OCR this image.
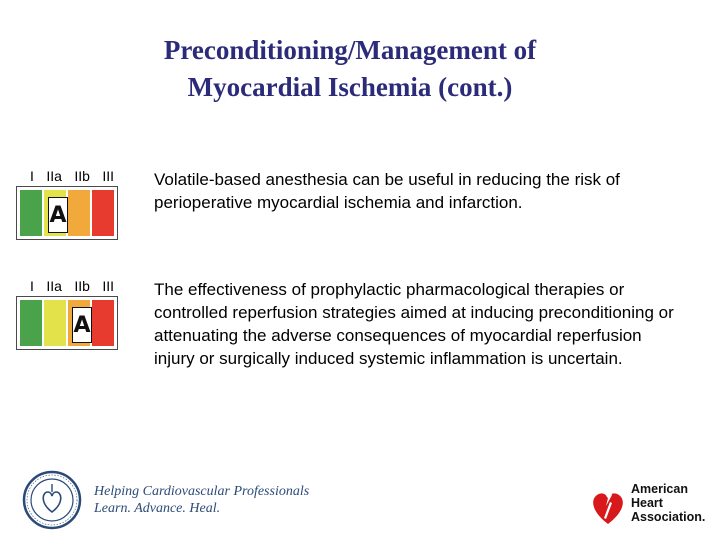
Preconditioning/Management of
Myocardial Ischemia (cont.)
I IIa IIb III
A
Volatile-based anesthesia can be useful in reducing the risk of perioperative myocardial ischemia and infarction.
I IIa IIb III
A
The effectiveness of prophylactic pharmacological therapies or controlled reperfusion strategies aimed at inducing preconditioning or attenuating the adverse consequences of myocardial reperfusion injury or surgically induced systemic inflammation is uncertain.
Helping Cardiovascular Professionals
Learn. Advance. Heal.
American
Heart
Association.
